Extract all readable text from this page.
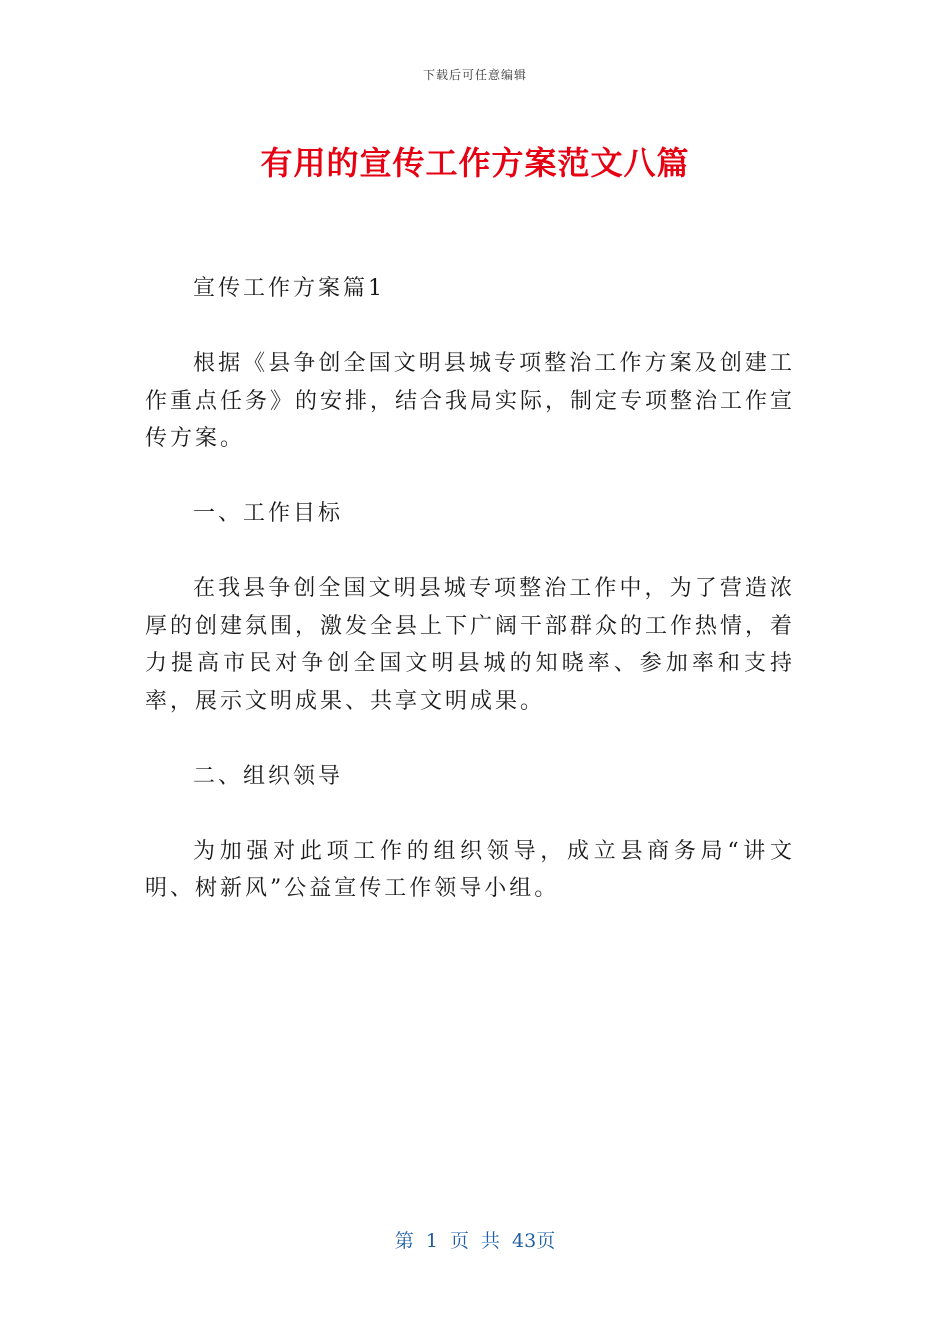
下载后可任意编辑
有用的宣传工作方案范文八篇

宣传工作方案篇1

根据《县争创全国文明县城专项整治工作方案及创建工作重点任务》的安排，结合我局实际，制定专项整治工作宣传方案。

一、工作目标

在我县争创全国文明县城专项整治工作中，为了营造浓厚的创建氛围，激发全县上下广阔干部群众的工作热情，着力提高市民对争创全国文明县城的知晓率、参加率和支持率，展示文明成果、共享文明成果。

二、组织领导

为加强对此项工作的组织领导，成立县商务局“讲文明、树新风”公益宣传工作领导小组。

第 1 页 共 43页
